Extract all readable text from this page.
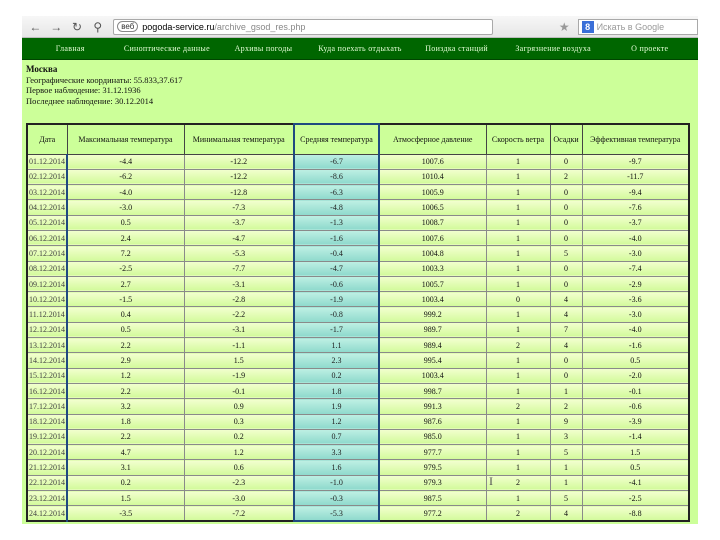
← → ↻ ⚲	веб pogoda-service.ru /archive_gsod_res.php	★	8 Искать в Google
Главная	Синоптические данные	Архивы погоды	Куда поехать отдыхать	Поиздка станций	Загрязнение воздуха	О проекте
Москва
Географические координаты: 55.833,37.617
Первое наблюдение: 31.12.1936
Последнее наблюдение: 30.12.2014
Дата	Максимальная температура	Минимальная температура	Средняя температура	Атмосферное давление	Скорость ветра	Осадки	Эффективная температура
01.12.2014	-4.4	-12.2	-6.7	1007.6	1	0	-9.7
02.12.2014	-6.2	-12.2	-8.6	1010.4	1	2	-11.7
03.12.2014	-4.0	-12.8	-6.3	1005.9	1	0	-9.4
04.12.2014	-3.0	-7.3	-4.8	1006.5	1	0	-7.6
05.12.2014	0.5	-3.7	-1.3	1008.7	1	0	-3.7
06.12.2014	2.4	-4.7	-1.6	1007.6	1	0	-4.0
07.12.2014	7.2	-5.3	-0.4	1004.8	1	5	-3.0
08.12.2014	-2.5	-7.7	-4.7	1003.3	1	0	-7.4
09.12.2014	2.7	-3.1	-0.6	1005.7	1	0	-2.9
10.12.2014	-1.5	-2.8	-1.9	1003.4	0	4	-3.6
11.12.2014	0.4	-2.2	-0.8	999.2	1	4	-3.0
12.12.2014	0.5	-3.1	-1.7	989.7	1	7	-4.0
13.12.2014	2.2	-1.1	1.1	989.4	2	4	-1.6
14.12.2014	2.9	1.5	2.3	995.4	1	0	0.5
15.12.2014	1.2	-1.9	0.2	1003.4	1	0	-2.0
16.12.2014	2.2	-0.1	1.8	998.7	1	1	-0.1
17.12.2014	3.2	0.9	1.9	991.3	2	2	-0.6
18.12.2014	1.8	0.3	1.2	987.6	1	9	-3.9
19.12.2014	2.2	0.2	0.7	985.0	1	3	-1.4
20.12.2014	4.7	1.2	3.3	977.7	1	5	1.5
21.12.2014	3.1	0.6	1.6	979.5	1	1	0.5
22.12.2014	0.2	-2.3	-1.0	979.3	2	1	-4.1
23.12.2014	1.5	-3.0	-0.3	987.5	1	5	-2.5
24.12.2014	-3.5	-7.2	-5.3	977.2	2	4	-8.8
I
